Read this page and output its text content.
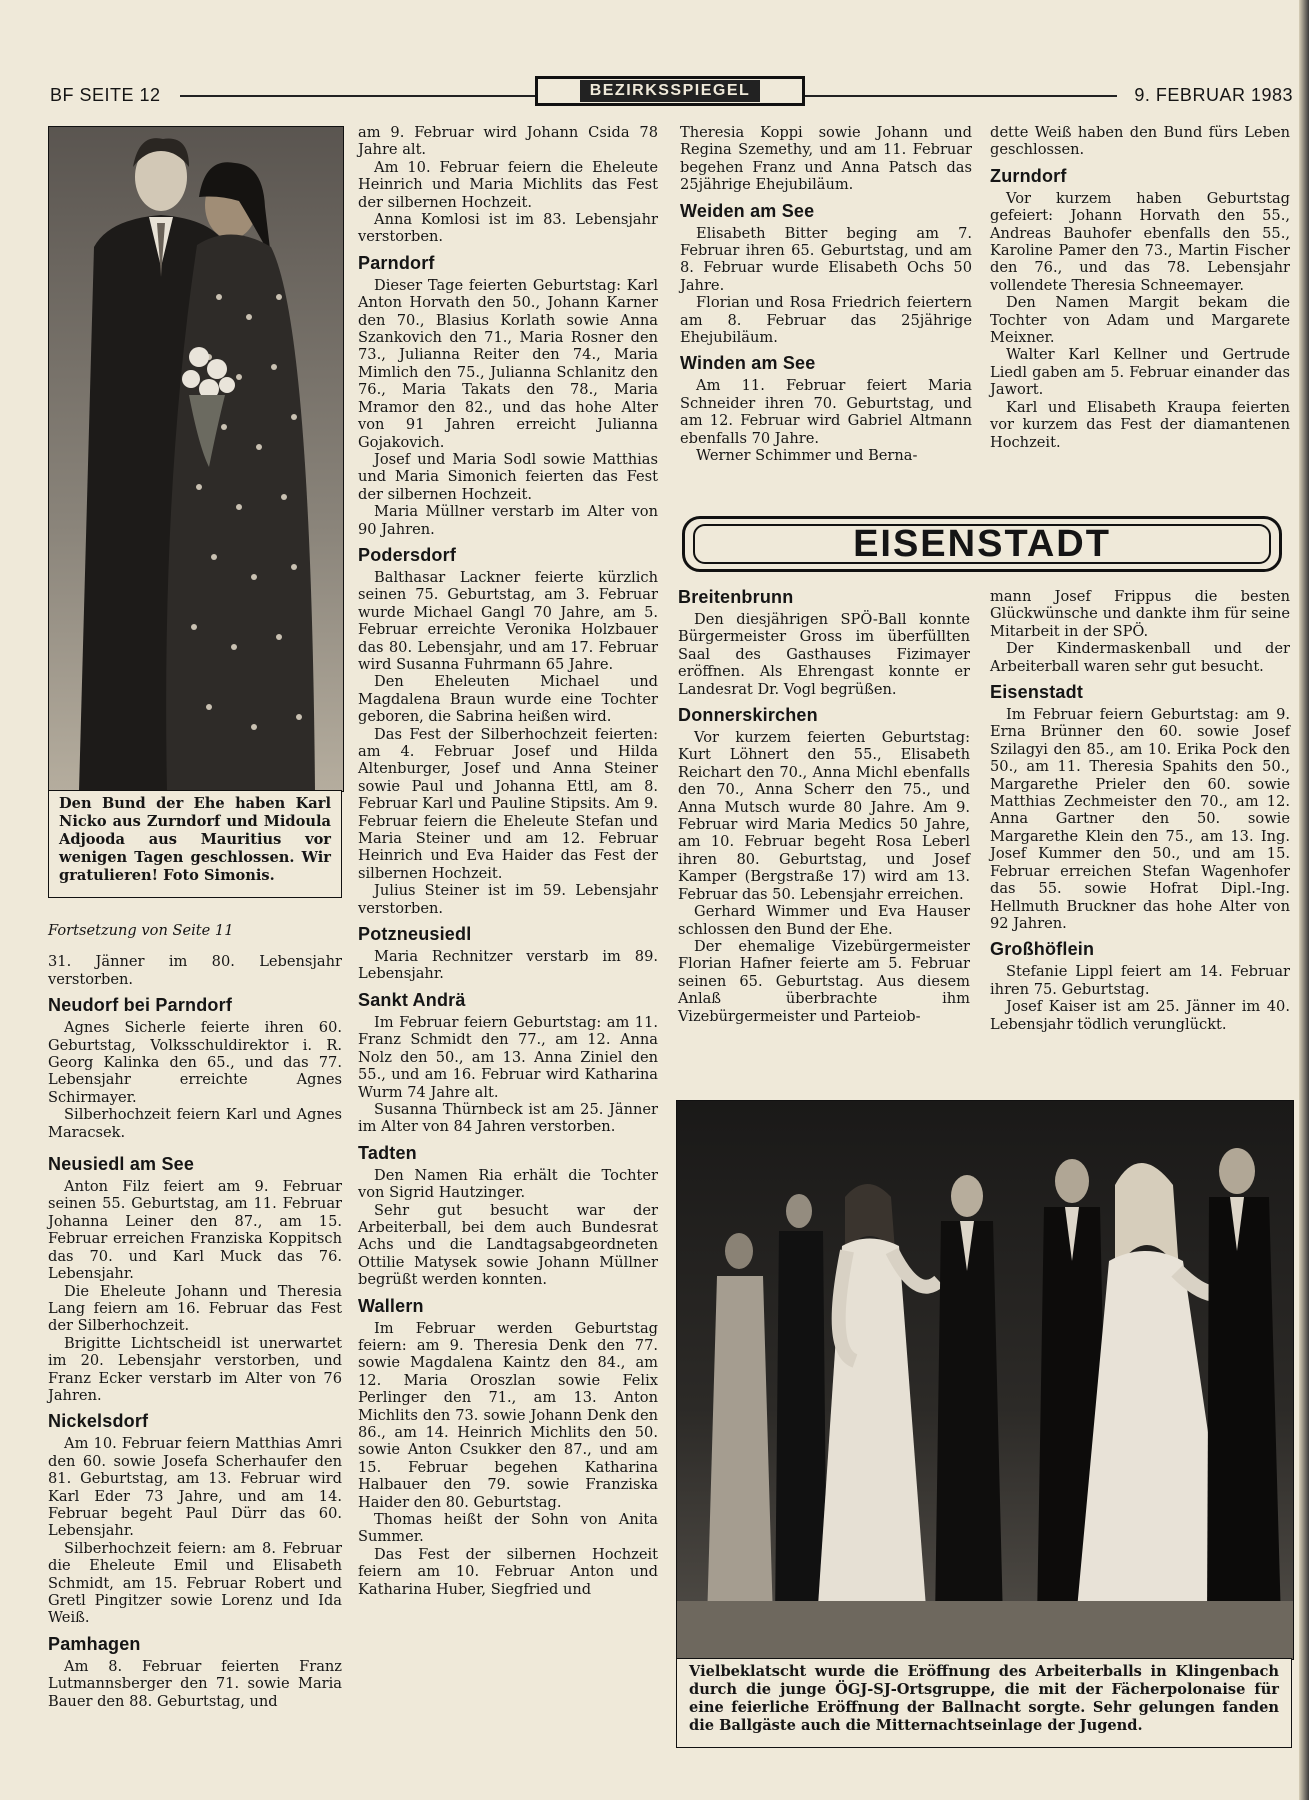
BF SEITE 12	BEZIRKSSPIEGEL	9. FEBRUAR 1983
Den Bund der Ehe haben Karl Nicko aus Zurndorf und Midoula Adjooda aus Mauritius vor wenigen Tagen geschlossen. Wir gratulieren! Foto Simonis.

Fortsetzung von Seite 11

31. Jänner im 80. Lebensjahr verstorben.

Neudorf bei Parndorf

Agnes Sicherle feierte ihren 60. Geburtstag, Volksschuldirektor i. R. Georg Kalinka den 65., und das 77. Lebensjahr erreichte Agnes Schirmayer.

Silberhochzeit feiern Karl und Agnes Maracsek.

Neusiedl am See

Anton Filz feiert am 9. Februar seinen 55. Geburtstag, am 11. Februar Johanna Leiner den 87., am 15. Februar erreichen Franziska Koppitsch das 70. und Karl Muck das 76. Lebensjahr.

Die Eheleute Johann und Theresia Lang feiern am 16. Februar das Fest der Silberhochzeit.

Brigitte Lichtscheidl ist unerwartet im 20. Lebensjahr verstorben, und Franz Ecker verstarb im Alter von 76 Jahren.

Nickelsdorf

Am 10. Februar feiern Matthias Amri den 60. sowie Josefa Scherhaufer den 81. Geburtstag, am 13. Februar wird Karl Eder 73 Jahre, und am 14. Februar begeht Paul Dürr das 60. Lebensjahr.

Silberhochzeit feiern: am 8. Februar die Eheleute Emil und Elisabeth Schmidt, am 15. Februar Robert und Gretl Pingitzer sowie Lorenz und Ida Weiß.

Pamhagen

Am 8. Februar feierten Franz Lutmannsberger den 71. sowie Maria Bauer den 88. Geburtstag, und

am 9. Februar wird Johann Csida 78 Jahre alt.

Am 10. Februar feiern die Eheleute Heinrich und Maria Michlits das Fest der silbernen Hochzeit.

Anna Komlosi ist im 83. Lebensjahr verstorben.

Parndorf

Dieser Tage feierten Geburtstag: Karl Anton Horvath den 50., Johann Karner den 70., Blasius Korlath sowie Anna Szankovich den 71., Maria Rosner den 73., Julianna Reiter den 74., Maria Mimlich den 75., Julianna Schlanitz den 76., Maria Takats den 78., Maria Mramor den 82., und das hohe Alter von 91 Jahren erreicht Julianna Gojakovich.

Josef und Maria Sodl sowie Matthias und Maria Simonich feierten das Fest der silbernen Hochzeit.

Maria Müllner verstarb im Alter von 90 Jahren.

Podersdorf

Balthasar Lackner feierte kürzlich seinen 75. Geburtstag, am 3. Februar wurde Michael Gangl 70 Jahre, am 5. Februar erreichte Veronika Holzbauer das 80. Lebensjahr, und am 17. Februar wird Susanna Fuhrmann 65 Jahre.

Den Eheleuten Michael und Magdalena Braun wurde eine Tochter geboren, die Sabrina heißen wird.

Das Fest der Silberhochzeit feierten: am 4. Februar Josef und Hilda Altenburger, Josef und Anna Steiner sowie Paul und Johanna Ettl, am 8. Februar Karl und Pauline Stipsits. Am 9. Februar feiern die Eheleute Stefan und Maria Steiner und am 12. Februar Heinrich und Eva Haider das Fest der silbernen Hochzeit.

Julius Steiner ist im 59. Lebensjahr verstorben.

Potzneusiedl

Maria Rechnitzer verstarb im 89. Lebensjahr.

Sankt Andrä

Im Februar feiern Geburtstag: am 11. Franz Schmidt den 77., am 12. Anna Nolz den 50., am 13. Anna Ziniel den 55., und am 16. Februar wird Katharina Wurm 74 Jahre alt.

Susanna Thürnbeck ist am 25. Jänner im Alter von 84 Jahren verstorben.

Tadten

Den Namen Ria erhält die Tochter von Sigrid Hautzinger.

Sehr gut besucht war der Arbeiterball, bei dem auch Bundesrat Achs und die Landtagsabgeordneten Ottilie Matysek sowie Johann Müllner begrüßt werden konnten.

Wallern

Im Februar werden Geburtstag feiern: am 9. Theresia Denk den 77. sowie Magdalena Kaintz den 84., am 12. Maria Oroszlan sowie Felix Perlinger den 71., am 13. Anton Michlits den 73. sowie Johann Denk den 86., am 14. Heinrich Michlits den 50. sowie Anton Csukker den 87., und am 15. Februar begehen Katharina Halbauer den 79. sowie Franziska Haider den 80. Geburtstag.

Thomas heißt der Sohn von Anita Summer.

Das Fest der silbernen Hochzeit feiern am 10. Februar Anton und Katharina Huber, Siegfried und

Theresia Koppi sowie Johann und Regina Szemethy, und am 11. Februar begehen Franz und Anna Patsch das 25jährige Ehejubiläum.

Weiden am See

Elisabeth Bitter beging am 7. Februar ihren 65. Geburtstag, und am 8. Februar wurde Elisabeth Ochs 50 Jahre.

Florian und Rosa Friedrich feiertern am 8. Februar das 25jährige Ehejubiläum.

Winden am See

Am 11. Februar feiert Maria Schneider ihren 70. Geburtstag, und am 12. Februar wird Gabriel Altmann ebenfalls 70 Jahre.

Werner Schimmer und Berna-

dette Weiß haben den Bund fürs Leben geschlossen.

Zurndorf

Vor kurzem haben Geburtstag gefeiert: Johann Horvath den 55., Andreas Bauhofer ebenfalls den 55., Karoline Pamer den 73., Martin Fischer den 76., und das 78. Lebensjahr vollendete Theresia Schneemayer.

Den Namen Margit bekam die Tochter von Adam und Margarete Meixner.

Walter Karl Kellner und Gertrude Liedl gaben am 5. Februar einander das Jawort.

Karl und Elisabeth Kraupa feierten vor kurzem das Fest der diamantenen Hochzeit.

EISENSTADT
Breitenbrunn

Den diesjährigen SPÖ-Ball konnte Bürgermeister Gross im überfüllten Saal des Gasthauses Fizimayer eröffnen. Als Ehrengast konnte er Landesrat Dr. Vogl begrüßen.

Donnerskirchen

Vor kurzem feierten Geburtstag: Kurt Löhnert den 55., Elisabeth Reichart den 70., Anna Michl ebenfalls den 70., Anna Scherr den 75., und Anna Mutsch wurde 80 Jahre. Am 9. Februar wird Maria Medics 50 Jahre, am 10. Februar begeht Rosa Leberl ihren 80. Geburtstag, und Josef Kamper (Bergstraße 17) wird am 13. Februar das 50. Lebensjahr erreichen.

Gerhard Wimmer und Eva Hauser schlossen den Bund der Ehe.

Der ehemalige Vizebürgermeister Florian Hafner feierte am 5. Februar seinen 65. Geburtstag. Aus diesem Anlaß überbrachte ihm Vizebürgermeister und Parteiob-

mann Josef Frippus die besten Glückwünsche und dankte ihm für seine Mitarbeit in der SPÖ.

Der Kindermaskenball und der Arbeiterball waren sehr gut besucht.

Eisenstadt

Im Februar feiern Geburtstag: am 9. Erna Brünner den 60. sowie Josef Szilagyi den 85., am 10. Erika Pock den 50., am 11. Theresia Spahits den 50., Margarethe Prieler den 60. sowie Matthias Zechmeister den 70., am 12. Anna Gartner den 50. sowie Margarethe Klein den 75., am 13. Ing. Josef Kummer den 50., und am 15. Februar erreichen Stefan Wagenhofer das 55. sowie Hofrat Dipl.-Ing. Hellmuth Bruckner das hohe Alter von 92 Jahren.

Großhöflein

Stefanie Lippl feiert am 14. Februar ihren 75. Geburtstag.

Josef Kaiser ist am 25. Jänner im 40. Lebensjahr tödlich verunglückt.

Vielbeklatscht wurde die Eröffnung des Arbeiterballs in Klingenbach durch die junge ÖGJ-SJ-Ortsgruppe, die mit der Fächerpolonaise für eine feierliche Eröffnung der Ballnacht sorgte. Sehr gelungen fanden die Ballgäste auch die Mitternachtseinlage der Jugend.
